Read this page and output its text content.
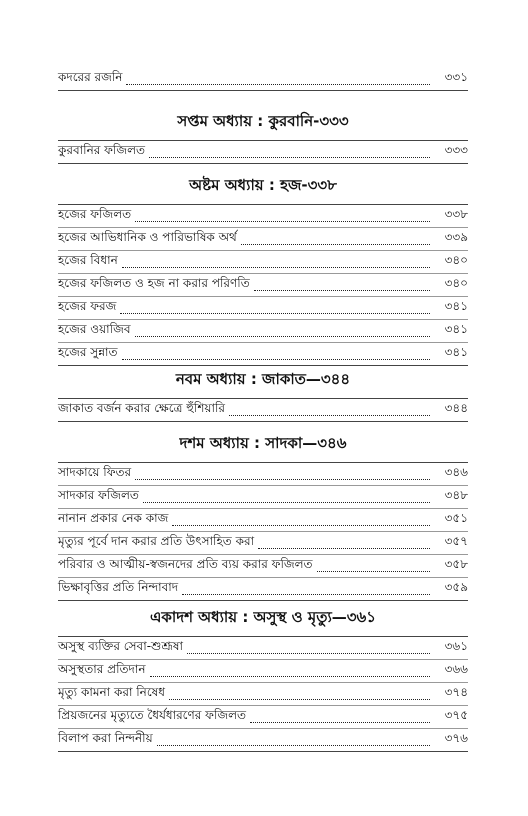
কদরের রজনি	৩৩১
সপ্তম অধ্যায় : কুরবানি-৩৩৩
কুরবানির ফজিলত	৩৩৩
অষ্টম অধ্যায় : হজ-৩৩৮
হজের ফজিলত	৩৩৮
হজের আভিধানিক ও পারিভাষিক অর্থ	৩৩৯
হজের বিধান	৩৪০
হজের ফজিলত ও হজ না করার পরিণতি	৩৪০
হজের ফরজ	৩৪১
হজের ওয়াজিব	৩৪১
হজের সুন্নাত	৩৪১
নবম অধ্যায় : জাকাত—৩৪৪
জাকাত বর্জন করার ক্ষেত্রে হুঁশিয়ারি	৩৪৪
দশম অধ্যায় : সাদকা—৩৪৬
সাদকায়ে ফিতর	৩৪৬
সাদকার ফজিলত	৩৪৮
নানান প্রকার নেক কাজ	৩৫১
মৃত্যুর পূর্বে দান করার প্রতি উৎসাহিত করা	৩৫৭
পরিবার ও আত্মীয়-স্বজনদের প্রতি ব্যয় করার ফজিলত	৩৫৮
ভিক্ষাবৃত্তির প্রতি নিন্দাবাদ	৩৫৯
একাদশ অধ্যায় : অসুস্থ ও মৃত্যু—৩৬১
অসুস্থ ব্যক্তির সেবা-শুশ্রূষা	৩৬১
অসুস্থতার প্রতিদান	৩৬৬
মৃত্যু কামনা করা নিষেধ	৩৭৪
প্রিয়জনের মৃত্যুতে ধৈর্যধারণের ফজিলত	৩৭৫
বিলাপ করা নিন্দনীয়	৩৭৬
